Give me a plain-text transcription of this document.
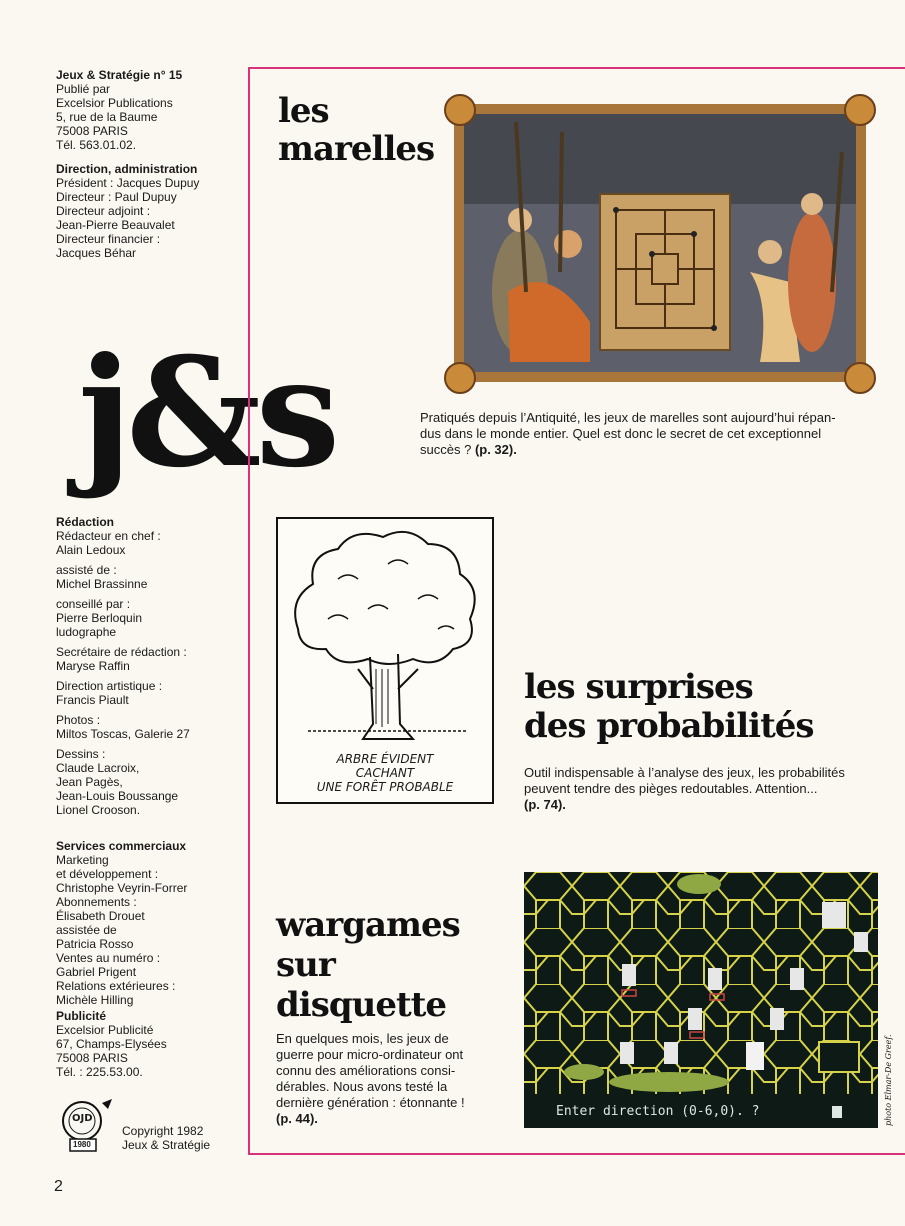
Jeux & Stratégie n° 15
Publié par
Excelsior Publications
5, rue de la Baume
75008 PARIS
Tél. 563.01.02.
Direction, administration
Président : Jacques Dupuy
Directeur : Paul Dupuy
Directeur adjoint :
Jean-Pierre Beauvalet
Directeur financier :
Jacques Béhar
j&s
Rédaction
Rédacteur en chef :
Alain Ledoux
assisté de :
Michel Brassinne
conseillé par :
Pierre Berloquin
ludographe
Secrétaire de rédaction :
Maryse Raffin
Direction artistique :
Francis Piault
Photos :
Miltos Toscas, Galerie 27
Dessins :
Claude Lacroix,
Jean Pagès,
Jean-Louis Boussange
Lionel Crooson.
Services commerciaux
Marketing
et développement :
Christophe Veyrin-Forrer
Abonnements :
Élisabeth Drouet
assistée de
Patricia Rosso
Ventes au numéro :
Gabriel Prigent
Relations extérieures :
Michèle Hilling
Publicité
Excelsior Publicité
67, Champs-Elysées
75008 PARIS
Tél. : 225.53.00.
OJD
1980
Copyright 1982
Jeux & Stratégie
2
les
marelles
Pratiqués depuis l’Antiquité, les jeux de marelles sont aujourd’hui répan-
dus dans le monde entier. Quel est donc le secret de cet exceptionnel
succès ? (p. 32).
ARBRE ÉVIDENT
CACHANT
UNE FORÊT PROBABLE
les surprises
des probabilités
Outil indispensable à l’analyse des jeux, les probabilités
peuvent tendre des pièges redoutables. Attention...
(p. 74).
wargames
sur
disquette
En quelques mois, les jeux de
guerre pour micro-ordinateur ont
connu des améliorations consi-
dérables. Nous avons testé la
dernière génération : étonnante !
(p. 44).	Enter direction (0-6,0). ?	photo Elmar-De Greef.
